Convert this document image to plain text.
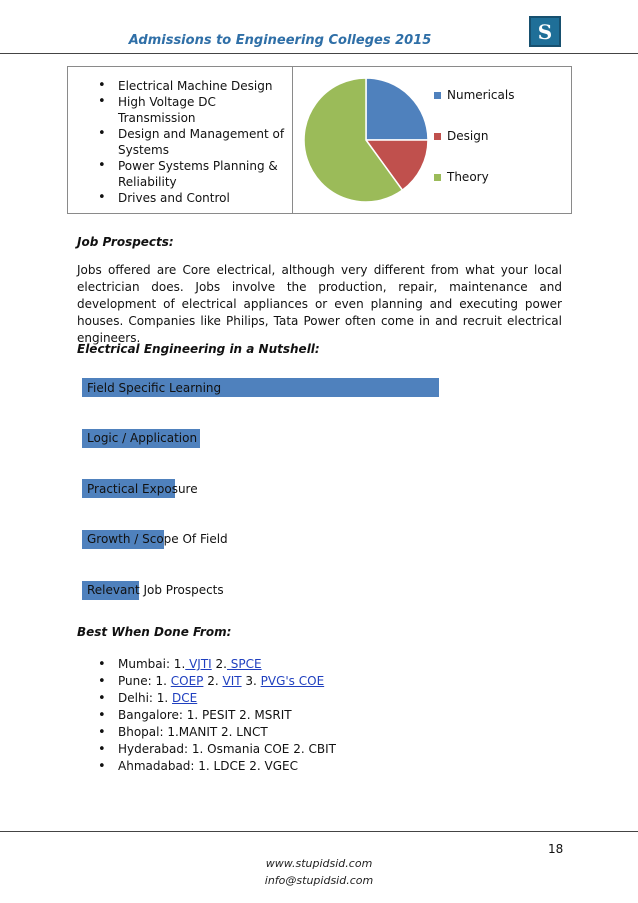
Admissions to Engineering Colleges 2015	S
• Electrical Machine Design
• High Voltage DC Transmission
• Design and Management of Systems
• Power Systems Planning & Reliability
• Drives and Control
Numericals
Design
Theory
Job Prospects:
Jobs offered are Core electrical, although very different from what your local electrician does. Jobs involve the production, repair, maintenance and development of electrical appliances or even planning and executing power houses. Companies like Philips, Tata Power often come in and recruit electrical engineers.
Electrical Engineering in a Nutshell:
Field Specific Learning
Logic / Application
Practical Exposure
Growth / Scope Of Field
Relevant Job Prospects
Best When Done From:
• Mumbai: 1. VJTI 2. SPCE
• Pune: 1. COEP 2. VIT 3. PVG's COE
• Delhi: 1. DCE
• Bangalore: 1. PESIT 2. MSRIT
• Bhopal: 1.MANIT 2. LNCT
• Hyderabad: 1. Osmania COE 2. CBIT
• Ahmadabad: 1. LDCE 2. VGEC
18
www.stupidsid.com
info@stupidsid.com
